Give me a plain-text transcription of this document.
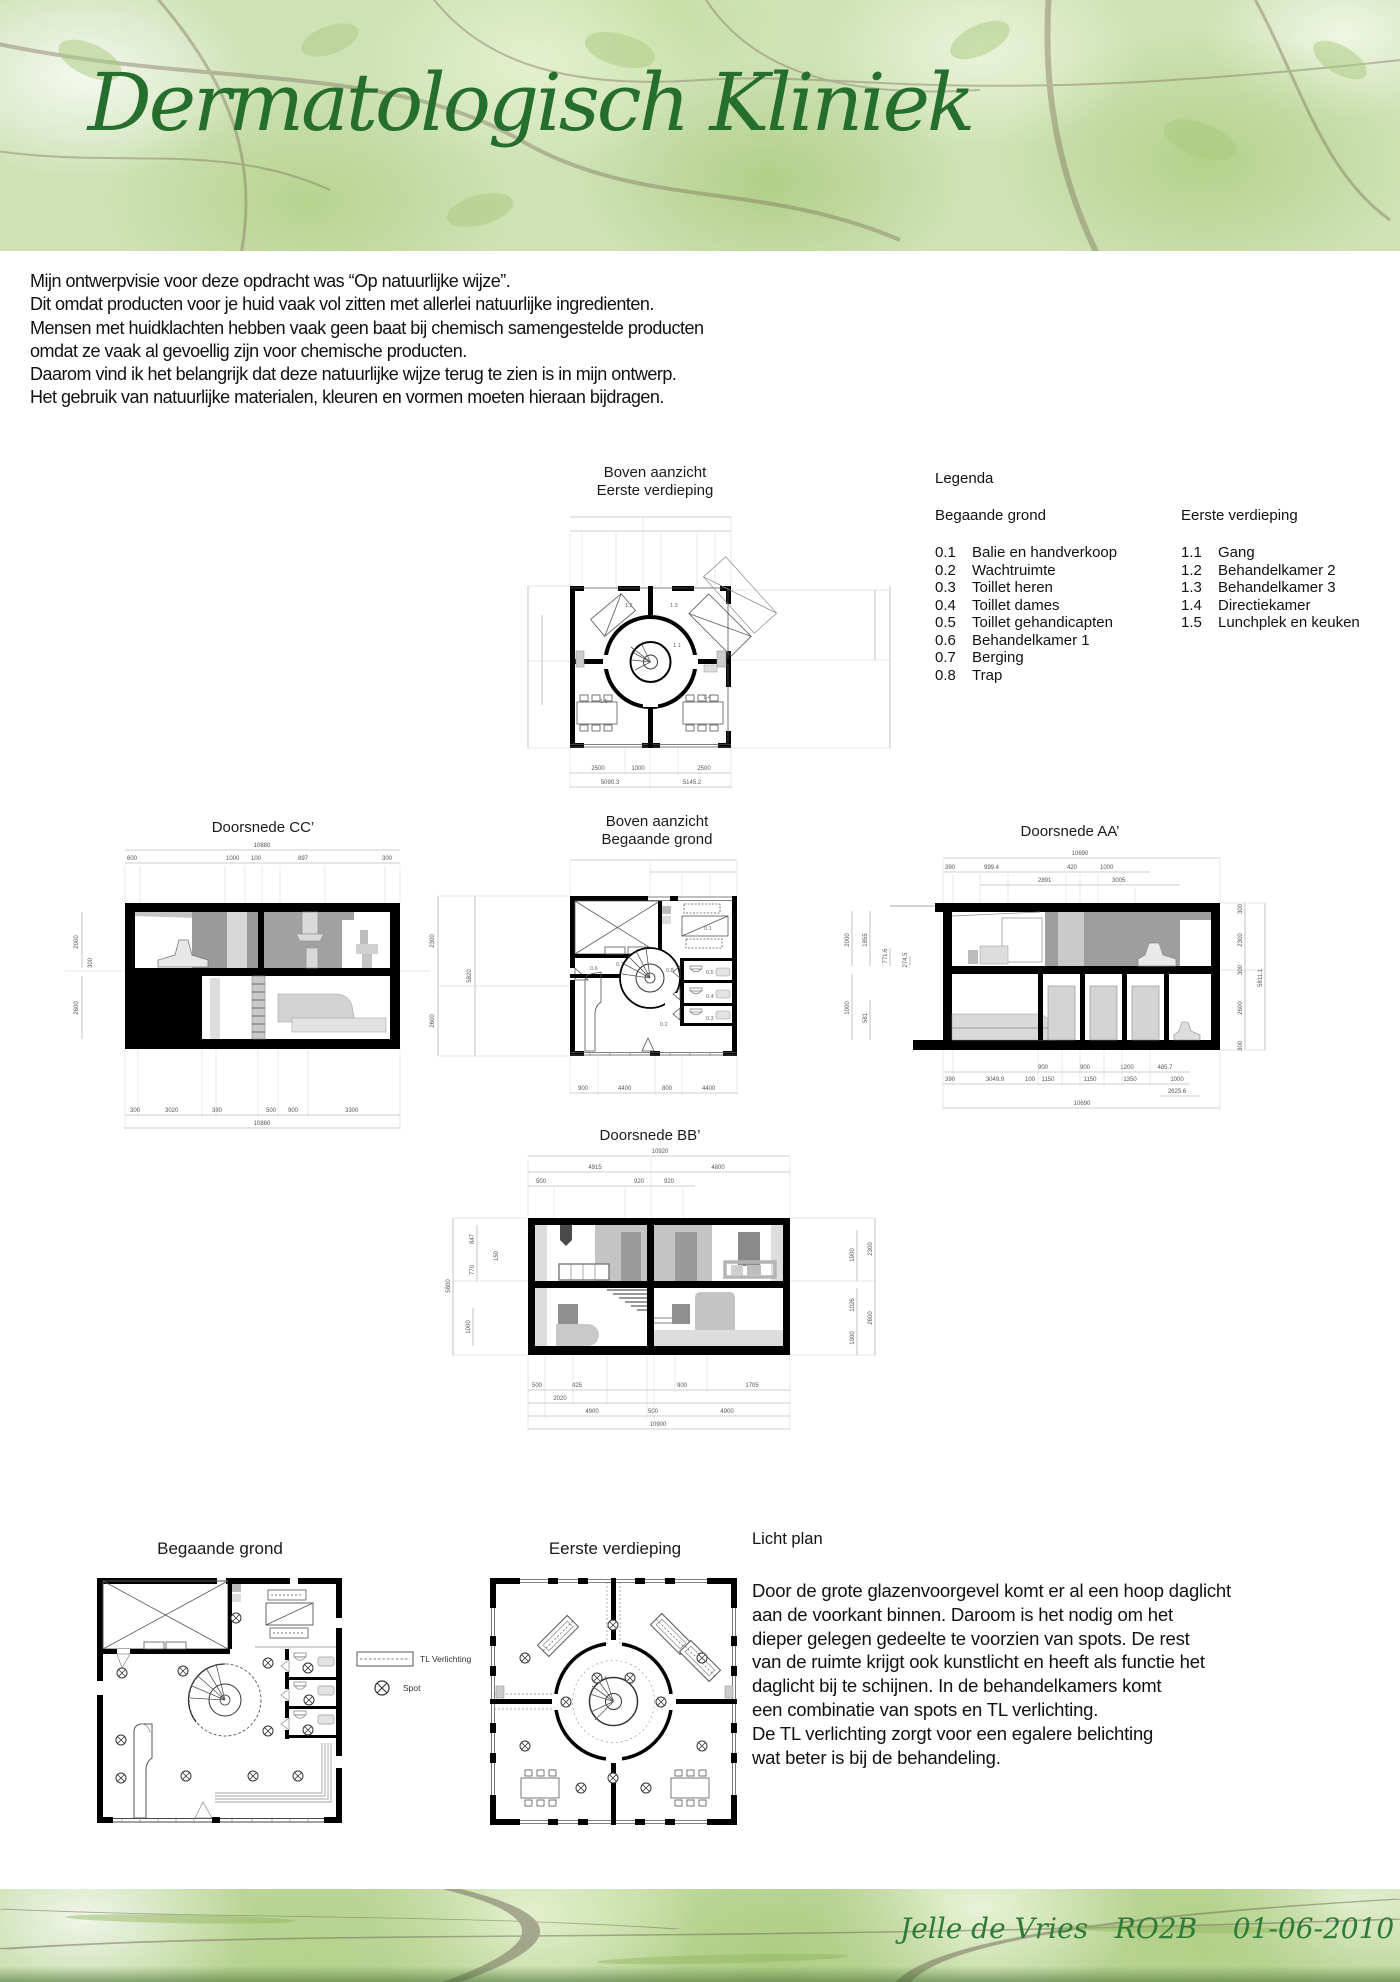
Dermatologisch Kliniek

Mijn ontwerpvisie voor deze opdracht was “Op natuurlijke wijze”.

Dit omdat producten voor je huid vaak vol zitten met allerlei natuurlijke ingredienten.

Mensen met huidklachten hebben vaak geen baat bij chemisch samengestelde producten

omdat ze vaak al gevoellig zijn voor chemische producten.

Daarom vind ik het belangrijk dat deze natuurlijke wijze terug te zien is in mijn ontwerp.

Het gebruik van natuurlijke materialen, kleuren en vormen moeten hieraan bijdragen.

Legenda
Begaande grond
0.1 Balie en handverkoop
0.2 Wachtruimte
0.3 Toillet heren
0.4 Toillet dames
0.5 Toillet gehandicapten
0.6 Behandelkamer 1
0.7 Berging
0.8 Trap
Eerste verdieping
1.1 Gang
1.2 Behandelkamer 2
1.3 Behandelkamer 3
1.4 Directiekamer
1.5 Lunchplek en keuken
Boven aanzicht
Eerste verdieping
2500	1000	2500
5090.3	5145.2
1.2	1.3
1.1
1.5
1.4
Doorsnede CC’
10880
600	1000 100	897	300
2000
300
2600
300	3020	380	500 900	3300
10880
Boven aanzicht
Begaande grond
2300
2600
5820
900	4400	800	4400
0.1
0.2
0.3
0.4
0.5
0.6
0.7
0.8
Doorsnede AA’
10690
390	999.4	420	1000
2891	3005
2000 1855
771.6 274.5
1000
581
300
2300
300
2600
300
5811.1
900	900	1200	485.7
390	3049.9	100 1150	1150	1350	1000
2625.6
10690
Doorsnede BB’
10920
4915	4800
500	920	920
5800
847
150
770
1000
1900 2300
1026
1000
2600
500	425	900	1705
2020
4900	500	4900
10900
Begaande grond
TL Verlichting
Spot
Eerste verdieping	Licht plan

Door de grote glazenvoorgevel komt er al een hoop daglicht

aan de voorkant binnen. Daroom is het nodig om het

dieper gelegen gedeelte te voorzien van spots. De rest

van de ruimte krijgt ook kunstlicht en heeft als functie het

daglicht bij te schijnen. In de behandelkamers komt

een combinatie van spots en TL verlichting.

De TL verlichting zorgt voor een egalere belichting

wat beter is bij de behandeling.

Jelle de Vries   RO2B    01-06-2010
